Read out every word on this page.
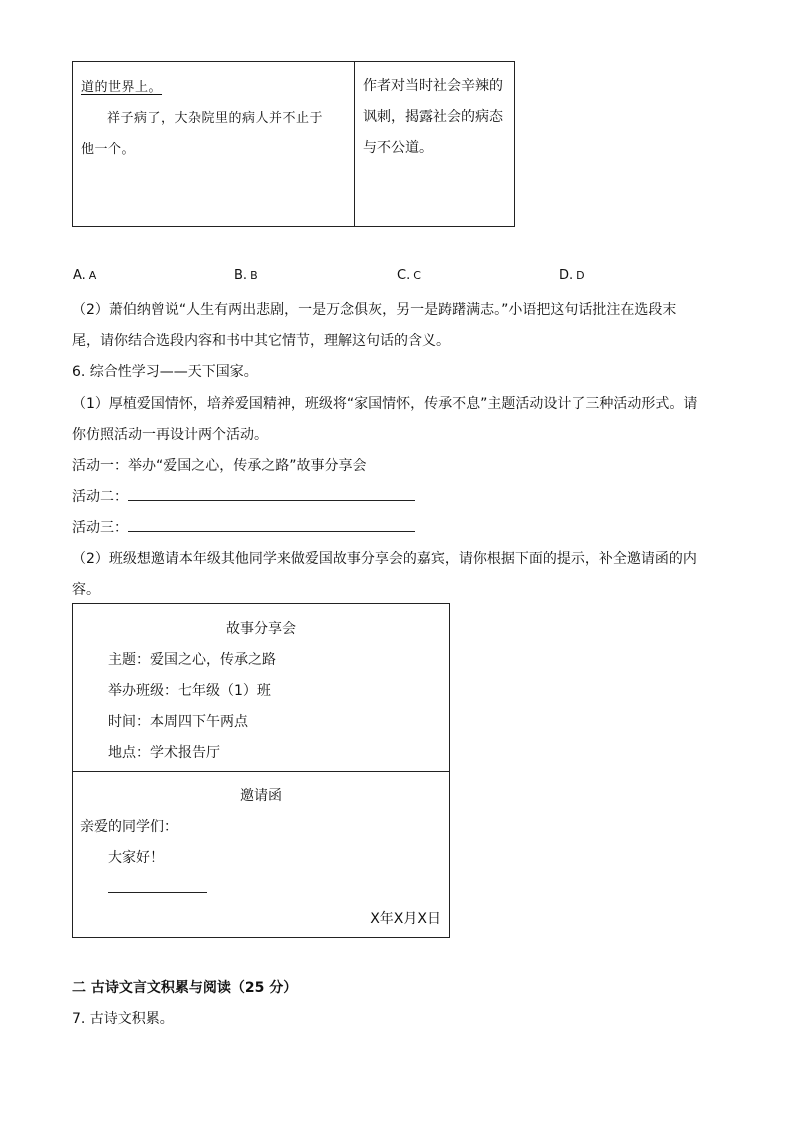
道的世界上。
祥子病了，大杂院里的病人并不止于
他一个。
作者对当时社会辛辣的
讽刺，揭露社会的病态
与不公道。
A. A	B. B	C. C	D. D
（2）萧伯纳曾说“人生有两出悲剧，一是万念俱灰，另一是踌躇满志。”小语把这句话批注在选段末
尾，请你结合选段内容和书中其它情节，理解这句话的含义。
6. 综合性学习——天下国家。
（1）厚植爱国情怀，培养爱国精神，班级将“家国情怀，传承不息”主题活动设计了三种活动形式。请
你仿照活动一再设计两个活动。
活动一：举办“爱国之心，传承之路”故事分享会
活动二：
活动三：
（2）班级想邀请本年级其他同学来做爱国故事分享会的嘉宾，请你根据下面的提示，补全邀请函的内
容。
故事分享会
主题：爱国之心，传承之路
举办班级：七年级（1）班
时间：本周四下午两点
地点：学术报告厅
邀请函
亲爱的同学们：
大家好！
X年X月X日
二 古诗文言文积累与阅读（25 分）
7. 古诗文积累。
